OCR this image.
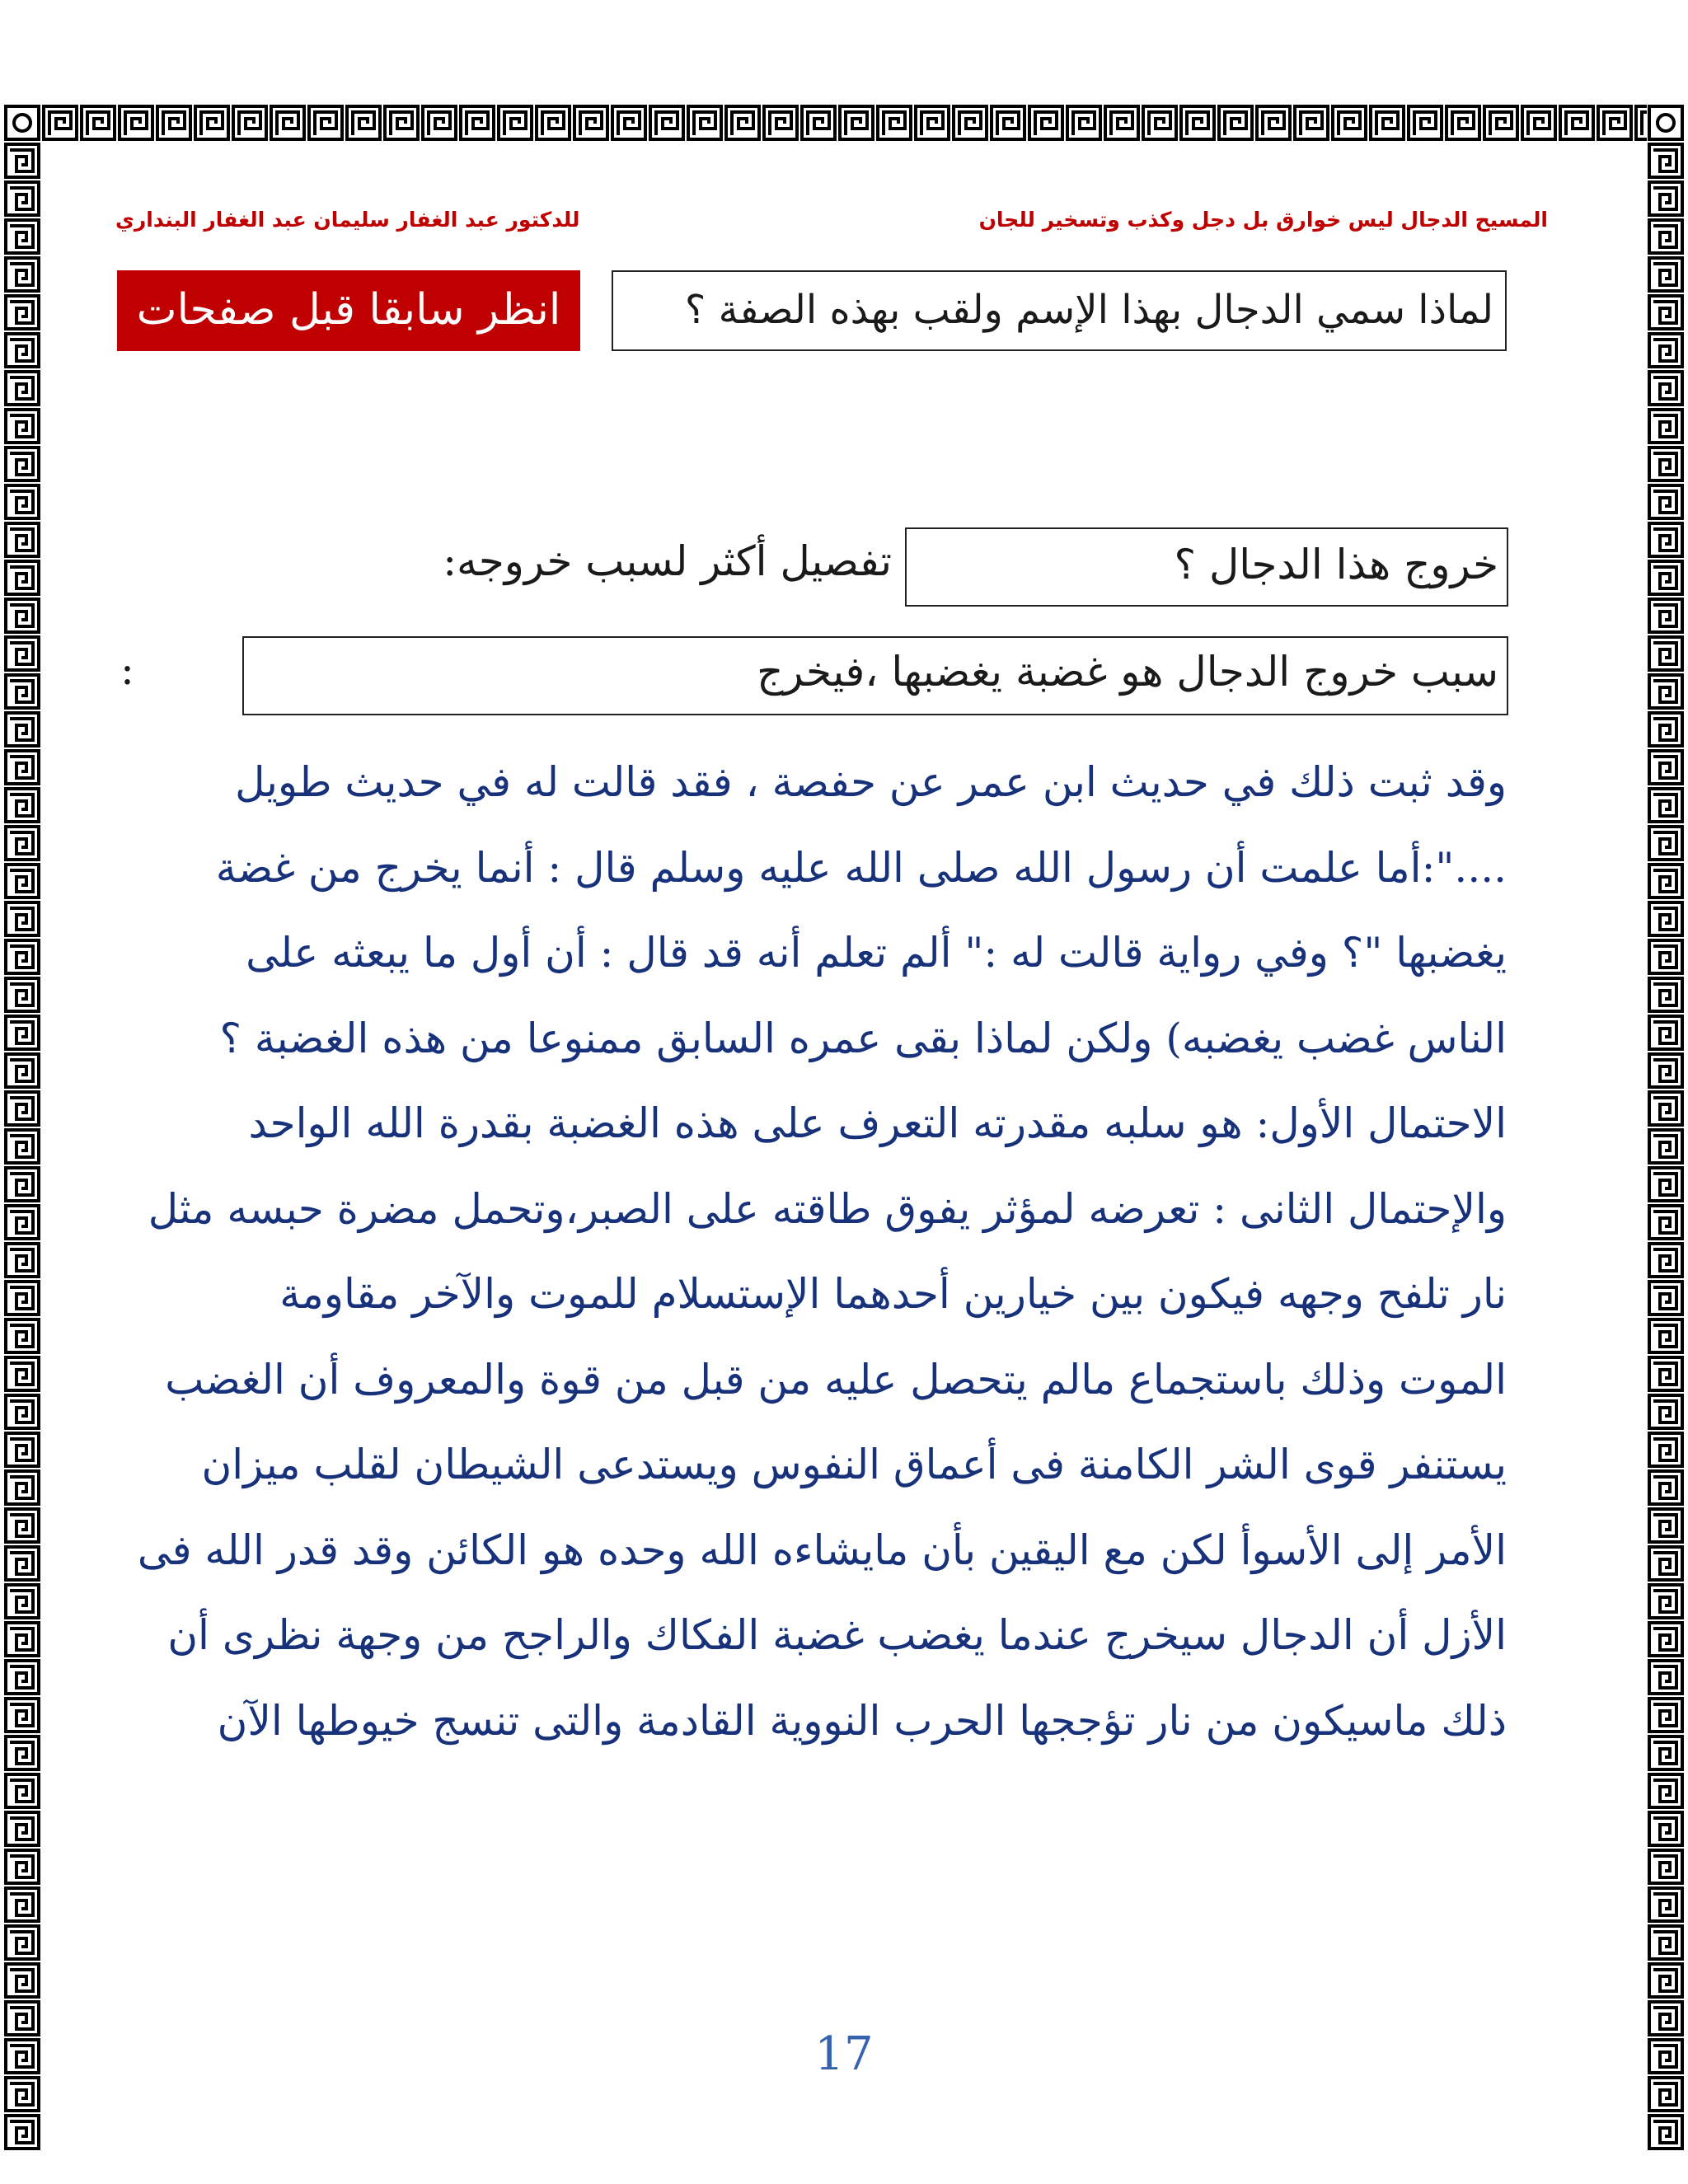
المسيح الدجال ليس خوارق بل دجل وكذب وتسخير للجان
للدكتور عبد الغفار سليمان عبد الغفار البنداري
لماذا سمي الدجال بهذا الإسم ولقب بهذه الصفة ؟
انظر سابقا قبل صفحات
خروج هذا الدجال ؟
تفصيل أكثر لسبب خروجه:
سبب خروج الدجال هو غضبة يغضبها ،فيخرج
:

وقد ثبت ذلك في حديث ابن عمر عن حفصة ، فقد قالت له في حديث طويل

....":أما علمت أن رسول الله صلى الله عليه وسلم قال : أنما يخرج من غضة

يغضبها "؟ وفي رواية قالت له :" ألم تعلم أنه قد قال : أن أول ما يبعثه على

الناس غضب يغضبه) ولكن لماذا بقى عمره السابق ممنوعا من هذه الغضبة ؟

الاحتمال الأول: هو سلبه مقدرته التعرف على هذه الغضبة بقدرة الله الواحد

والإحتمال الثانى : تعرضه لمؤثر يفوق طاقته على الصبر،وتحمل مضرة حبسه مثل

نار تلفح وجهه فيكون بين خيارين أحدهما الإستسلام للموت والآخر مقاومة

الموت وذلك باستجماع مالم يتحصل عليه من قبل من قوة والمعروف أن الغضب

يستنفر قوى الشر الكامنة فى أعماق النفوس ويستدعى الشيطان لقلب ميزان

الأمر إلى الأسوأ لكن مع اليقين بأن مايشاءه الله وحده هو الكائن وقد قدر الله فى

الأزل أن الدجال سيخرج عندما يغضب غضبة الفكاك والراجح من وجهة نظرى أن

ذلك ماسيكون من نار تؤججها الحرب النووية القادمة والتى تنسج خيوطها الآن

17
